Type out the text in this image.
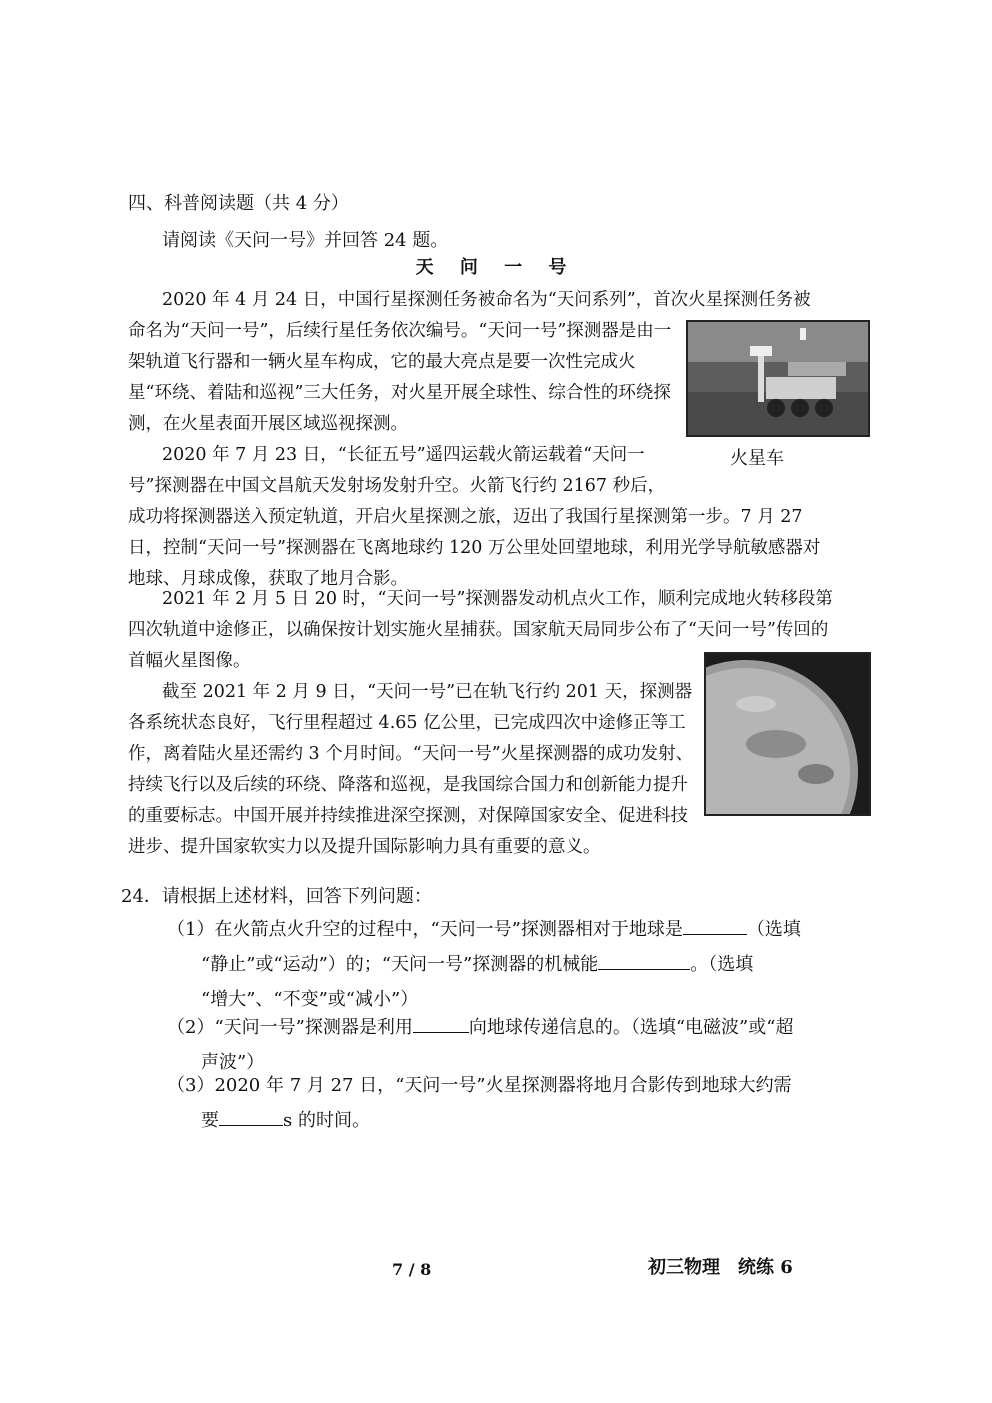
四、科普阅读题（共 4 分）
请阅读《天问一号》并回答 24 题。
天 问 一 号
2020 年 4 月 24 日，中国行星探测任务被命名为“天问系列”，首次火星探测任务被
命名为“天问一号”，后续行星任务依次编号。“天问一号”探测器是由一架轨道飞行器和一辆火星车构成，它的最大亮点是要一次性完成火星“环绕、着陆和巡视”三大任务，对火星开展全球性、综合性的环绕探测，在火星表面开展区域巡视探测。
火星车
2020 年 7 月 23 日，“长征五号”遥四运载火箭运载着“天问一号”探测器在中国文昌航天发射场发射升空。火箭飞行约 2167 秒后，
成功将探测器送入预定轨道，开启火星探测之旅，迈出了我国行星探测第一步。7 月 27 日，控制“天问一号”探测器在飞离地球约 120 万公里处回望地球，利用光学导航敏感器对地球、月球成像，获取了地月合影。
2021 年 2 月 5 日 20 时，“天问一号”探测器发动机点火工作，顺利完成地火转移段第四次轨道中途修正，以确保按计划实施火星捕获。国家航天局同步公布了“天问一号”传回的首幅火星图像。
截至 2021 年 2 月 9 日，“天问一号”已在轨飞行约 201 天，探测器各系统状态良好，飞行里程超过 4.65 亿公里，已完成四次中途修正等工作，离着陆火星还需约 3 个月时间。“天问一号”火星探测器的成功发射、持续飞行以及后续的环绕、降落和巡视，是我国综合国力和创新能力提升的重要标志。中国开展并持续推进深空探测，对保障国家安全、促进科技进步、提升国家软实力以及提升国际影响力具有重要的意义。
24．请根据上述材料，回答下列问题：
（1）在火箭点火升空的过程中，“天问一号”探测器相对于地球是	（选填
“静止”或“运动”）的；“天问一号”探测器的机械能	。（选填
“增大”、“不变”或“减小”）
（2）“天问一号”探测器是利用	向地球传递信息的。（选填“电磁波”或“超
声波”）
（3）2020 年 7 月 27 日，“天问一号”火星探测器将地月合影传到地球大约需
要	s 的时间。
7 / 8	初三物理　统练 6
